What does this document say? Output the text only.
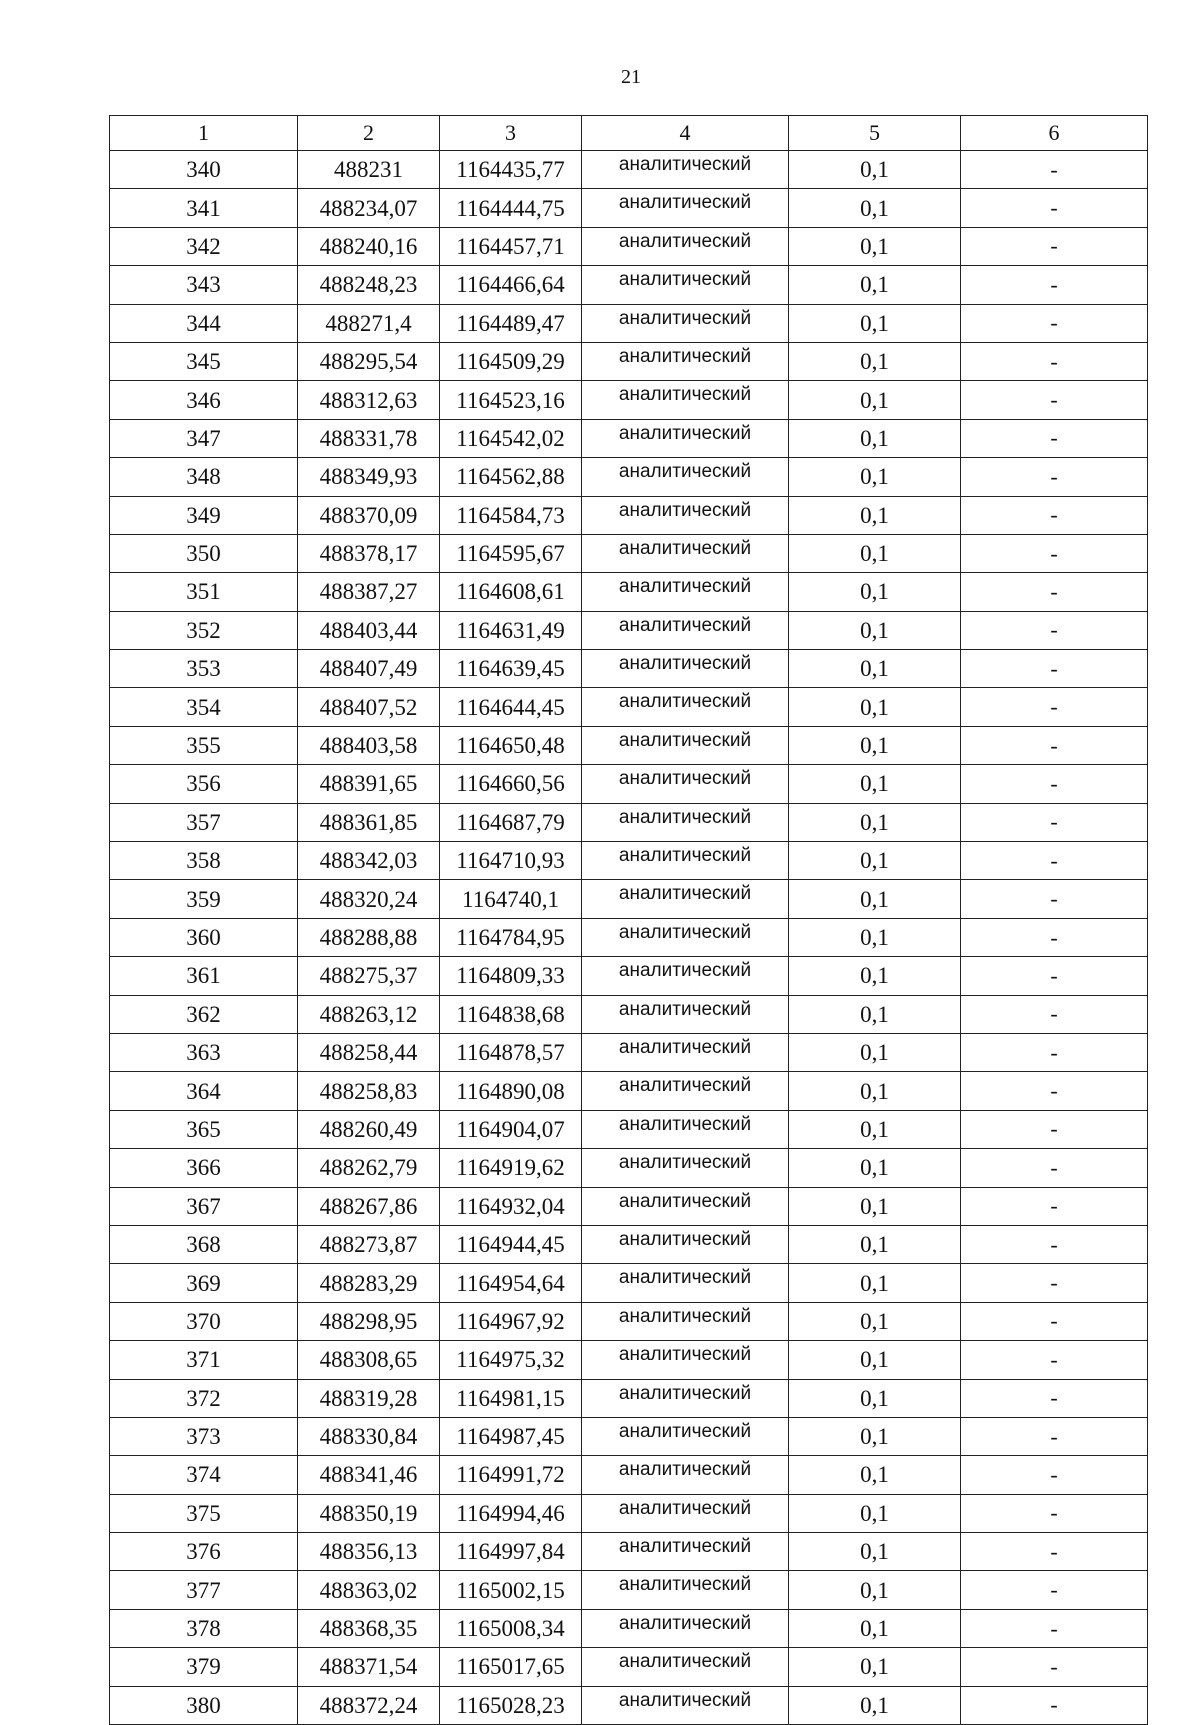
21
1	2	3	4	5	6
340	488231	1164435,77	аналитический	0,1	-
341	488234,07	1164444,75	аналитический	0,1	-
342	488240,16	1164457,71	аналитический	0,1	-
343	488248,23	1164466,64	аналитический	0,1	-
344	488271,4	1164489,47	аналитический	0,1	-
345	488295,54	1164509,29	аналитический	0,1	-
346	488312,63	1164523,16	аналитический	0,1	-
347	488331,78	1164542,02	аналитический	0,1	-
348	488349,93	1164562,88	аналитический	0,1	-
349	488370,09	1164584,73	аналитический	0,1	-
350	488378,17	1164595,67	аналитический	0,1	-
351	488387,27	1164608,61	аналитический	0,1	-
352	488403,44	1164631,49	аналитический	0,1	-
353	488407,49	1164639,45	аналитический	0,1	-
354	488407,52	1164644,45	аналитический	0,1	-
355	488403,58	1164650,48	аналитический	0,1	-
356	488391,65	1164660,56	аналитический	0,1	-
357	488361,85	1164687,79	аналитический	0,1	-
358	488342,03	1164710,93	аналитический	0,1	-
359	488320,24	1164740,1	аналитический	0,1	-
360	488288,88	1164784,95	аналитический	0,1	-
361	488275,37	1164809,33	аналитический	0,1	-
362	488263,12	1164838,68	аналитический	0,1	-
363	488258,44	1164878,57	аналитический	0,1	-
364	488258,83	1164890,08	аналитический	0,1	-
365	488260,49	1164904,07	аналитический	0,1	-
366	488262,79	1164919,62	аналитический	0,1	-
367	488267,86	1164932,04	аналитический	0,1	-
368	488273,87	1164944,45	аналитический	0,1	-
369	488283,29	1164954,64	аналитический	0,1	-
370	488298,95	1164967,92	аналитический	0,1	-
371	488308,65	1164975,32	аналитический	0,1	-
372	488319,28	1164981,15	аналитический	0,1	-
373	488330,84	1164987,45	аналитический	0,1	-
374	488341,46	1164991,72	аналитический	0,1	-
375	488350,19	1164994,46	аналитический	0,1	-
376	488356,13	1164997,84	аналитический	0,1	-
377	488363,02	1165002,15	аналитический	0,1	-
378	488368,35	1165008,34	аналитический	0,1	-
379	488371,54	1165017,65	аналитический	0,1	-
380	488372,24	1165028,23	аналитический	0,1	-
